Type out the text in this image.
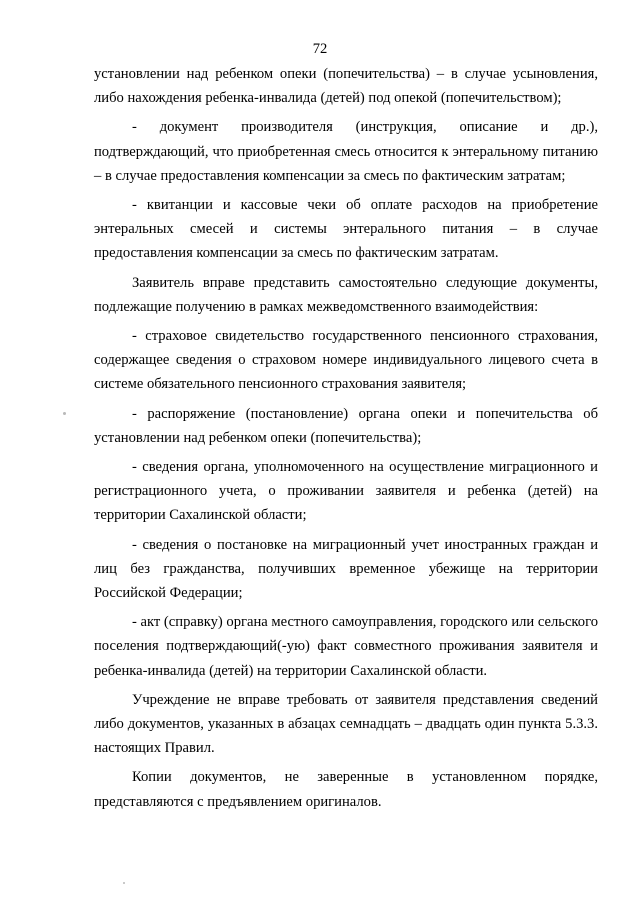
72

установлении над ребенком опеки (попечительства) – в случае усыновления, либо нахождения ребенка-инвалида (детей) под опекой (попечительством);

- документ производителя (инструкция, описание и др.), подтверждающий, что приобретенная смесь относится к энтеральному питанию – в случае предоставления компенсации за смесь по фактическим затратам;

- квитанции и кассовые чеки об оплате расходов на приобретение энтеральных смесей и системы энтерального питания – в случае предоставления компенсации за смесь по фактическим затратам.

Заявитель вправе представить самостоятельно следующие документы, подлежащие получению в рамках межведомственного взаимодействия:

- страховое свидетельство государственного пенсионного страхования, содержащее сведения о страховом номере индивидуального лицевого счета в системе обязательного пенсионного страхования заявителя;

- распоряжение (постановление) органа опеки и попечительства об установлении над ребенком опеки (попечительства);

- сведения органа, уполномоченного на осуществление миграционного и регистрационного учета, о проживании заявителя и ребенка (детей) на территории Сахалинской области;

- сведения о постановке на миграционный учет иностранных граждан и лиц без гражданства, получивших временное убежище на территории Российской Федерации;

- акт (справку) органа местного самоуправления, городского или сельского поселения подтверждающий(-ую) факт совместного проживания заявителя и ребенка-инвалида (детей) на территории Сахалинской области.

Учреждение не вправе требовать от заявителя представления сведений либо документов, указанных в абзацах семнадцать – двадцать один пункта 5.3.3. настоящих Правил.

Копии документов, не заверенные в установленном порядке, представляются с предъявлением оригиналов.
